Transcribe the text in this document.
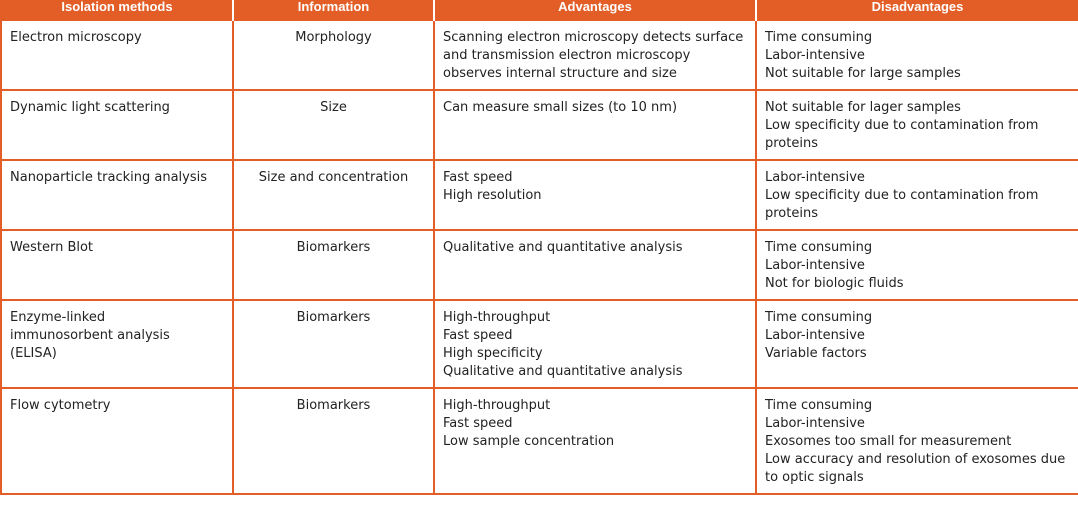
Isolation methods	Information	Advantages	Disadvantages
Electron microscopy	Morphology	Scanning electron microscopy detects surface
and transmission electron microscopy
observes internal structure and size	Time consuming
Labor-intensive
Not suitable for large samples

Dynamic light scattering	Size	Can measure small sizes (to 10 nm)	Not suitable for lager samples
Low specificity due to contamination from
proteins

Nanoparticle tracking analysis	Size and concentration	Fast speed
High resolution	Labor-intensive
Low specificity due to contamination from
proteins

Western Blot	Biomarkers	Qualitative and quantitative analysis	Time consuming
Labor-intensive
Not for biologic fluids

Enzyme-linked
immunosorbent analysis
(ELISA)	Biomarkers	High-throughput
Fast speed
High specificity
Qualitative and quantitative analysis	Time consuming
Labor-intensive
Variable factors

Flow cytometry	Biomarkers	High-throughput
Fast speed
Low sample concentration	Time consuming
Labor-intensive
Exosomes too small for measurement
Low accuracy and resolution of exosomes due
to optic signals
